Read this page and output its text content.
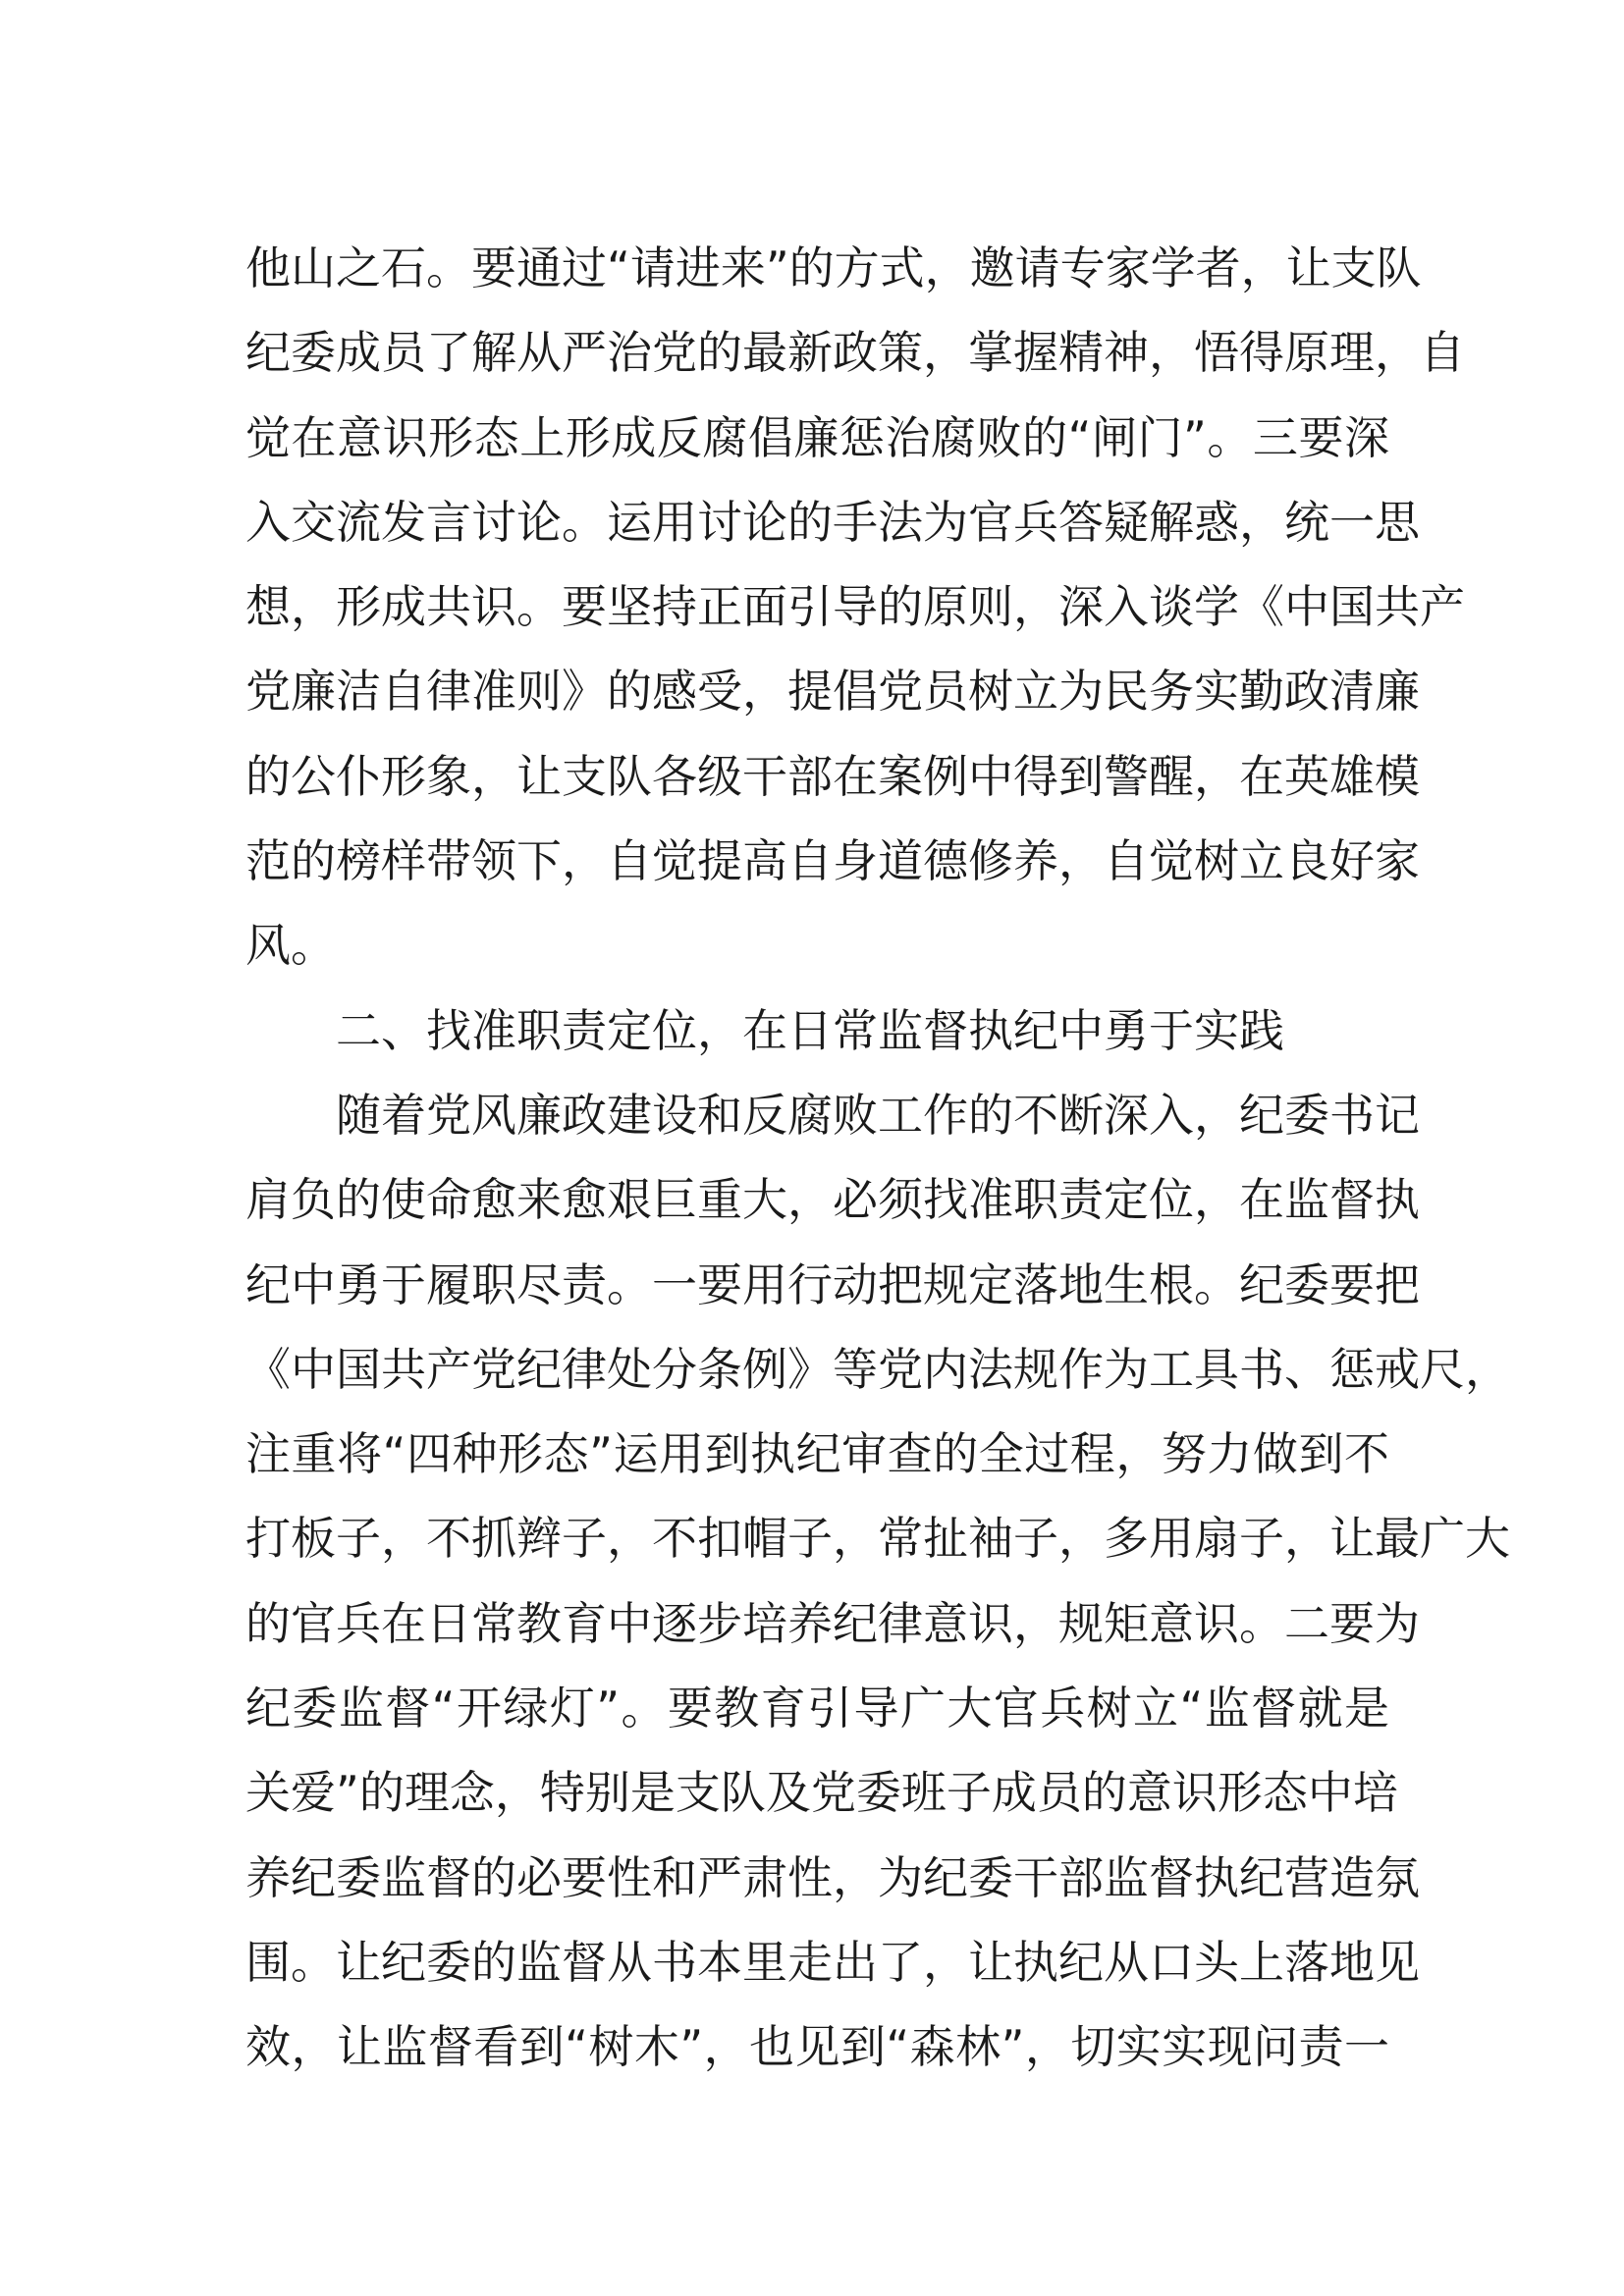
他山之石。要通过“请进来”的方式，邀请专家学者，让支队
纪委成员了解从严治党的最新政策，掌握精神，悟得原理，自
觉在意识形态上形成反腐倡廉惩治腐败的“闸门”。三要深
入交流发言讨论。运用讨论的手法为官兵答疑解惑，统一思
想，形成共识。要坚持正面引导的原则，深入谈学《中国共产
党廉洁自律准则》的感受，提倡党员树立为民务实勤政清廉
的公仆形象，让支队各级干部在案例中得到警醒，在英雄模
范的榜样带领下，自觉提高自身道德修养，自觉树立良好家
风。
二、找准职责定位，在日常监督执纪中勇于实践
随着党风廉政建设和反腐败工作的不断深入，纪委书记
肩负的使命愈来愈艰巨重大，必须找准职责定位，在监督执
纪中勇于履职尽责。一要用行动把规定落地生根。纪委要把
《中国共产党纪律处分条例》等党内法规作为工具书、惩戒尺，
注重将“四种形态”运用到执纪审查的全过程，努力做到不
打板子，不抓辫子，不扣帽子，常扯袖子，多用扇子，让最广大
的官兵在日常教育中逐步培养纪律意识，规矩意识。二要为
纪委监督“开绿灯”。要教育引导广大官兵树立“监督就是
关爱”的理念，特别是支队及党委班子成员的意识形态中培
养纪委监督的必要性和严肃性，为纪委干部监督执纪营造氛
围。让纪委的监督从书本里走出了，让执纪从口头上落地见
效，让监督看到“树木”，也见到“森林”，切实实现问责一
